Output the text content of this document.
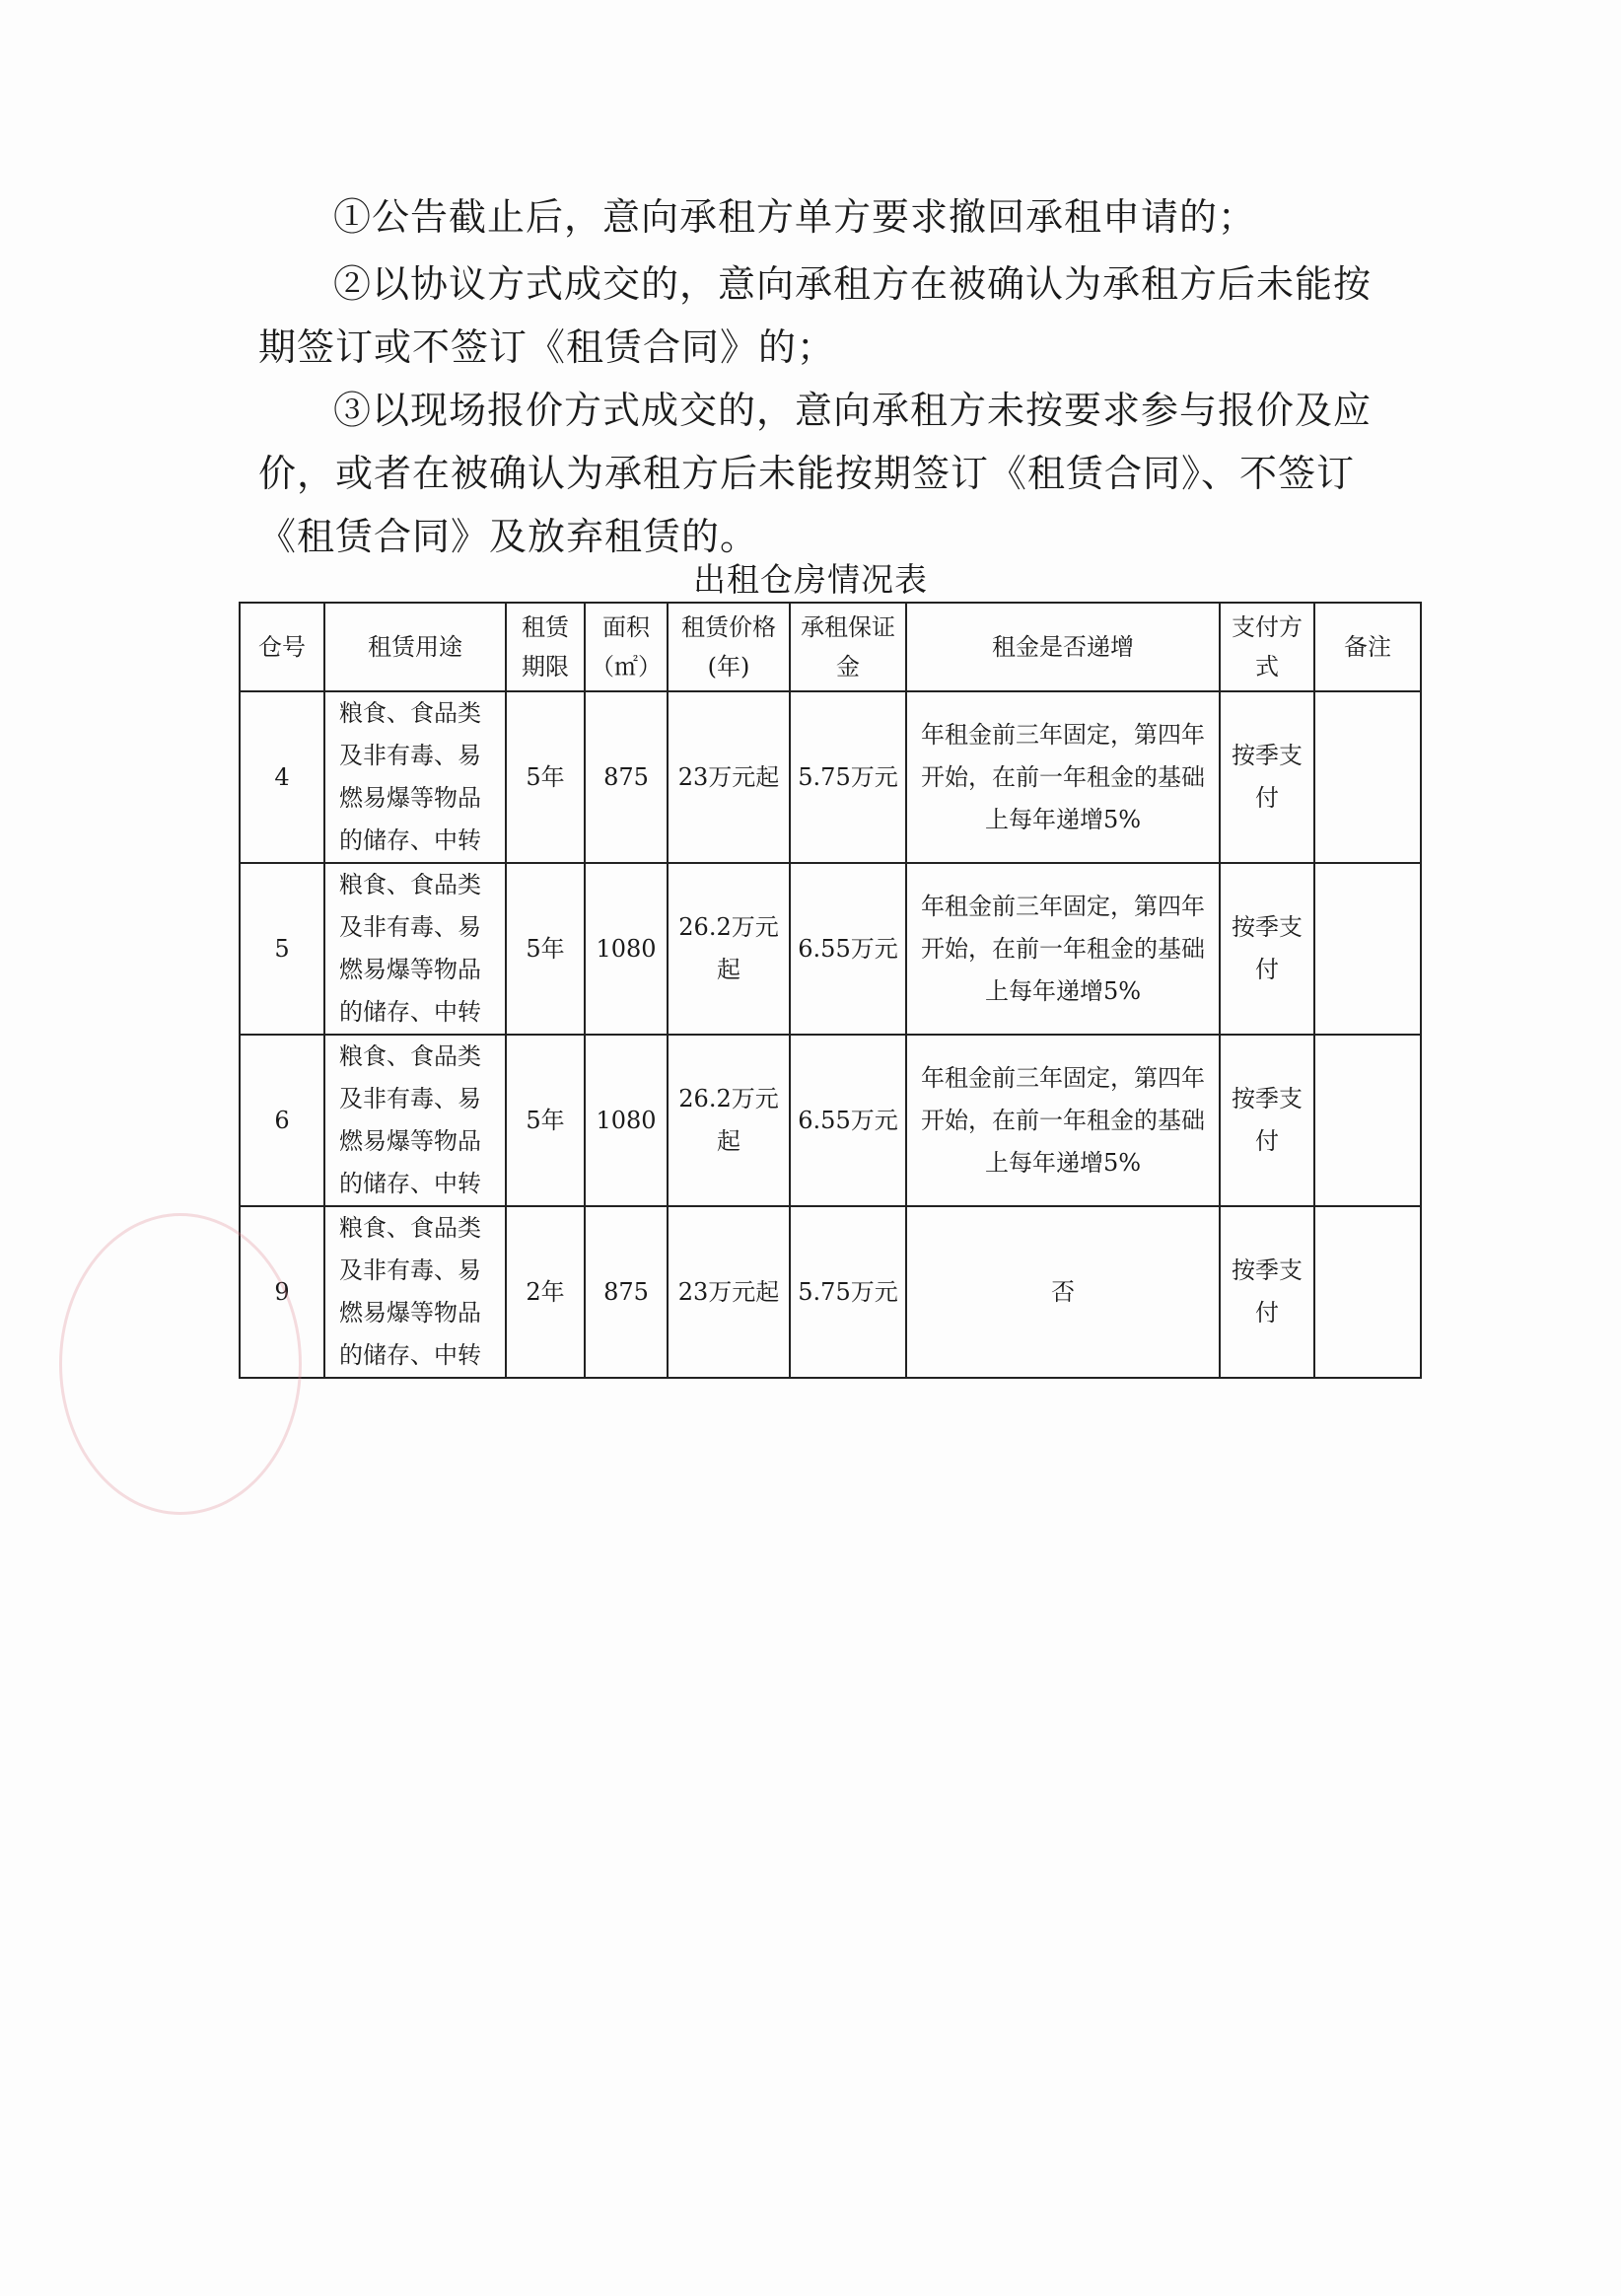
①公告截止后，意向承租方单方要求撤回承租申请的；
②以协议方式成交的，意向承租方在被确认为承租方后未能按期签订或不签订《租赁合同》的；
③以现场报价方式成交的，意向承租方未按要求参与报价及应价，或者在被确认为承租方后未能按期签订《租赁合同》、不签订《租赁合同》及放弃租赁的。
出租仓房情况表
仓号	租赁用途	租赁期限	面积（㎡）	租赁价格(年)	承租保证金	租金是否递增	支付方式	备注
4	粮食、食品类及非有毒、易燃易爆等物品的储存、中转	5年	875	23万元起	5.75万元	年租金前三年固定，第四年开始，在前一年租金的基础上每年递增5%	按季支付	
5	粮食、食品类及非有毒、易燃易爆等物品的储存、中转	5年	1080	26.2万元起	6.55万元	年租金前三年固定，第四年开始，在前一年租金的基础上每年递增5%	按季支付	
6	粮食、食品类及非有毒、易燃易爆等物品的储存、中转	5年	1080	26.2万元起	6.55万元	年租金前三年固定，第四年开始，在前一年租金的基础上每年递增5%	按季支付	
9	粮食、食品类及非有毒、易燃易爆等物品的储存、中转	2年	875	23万元起	5.75万元	否	按季支付	
